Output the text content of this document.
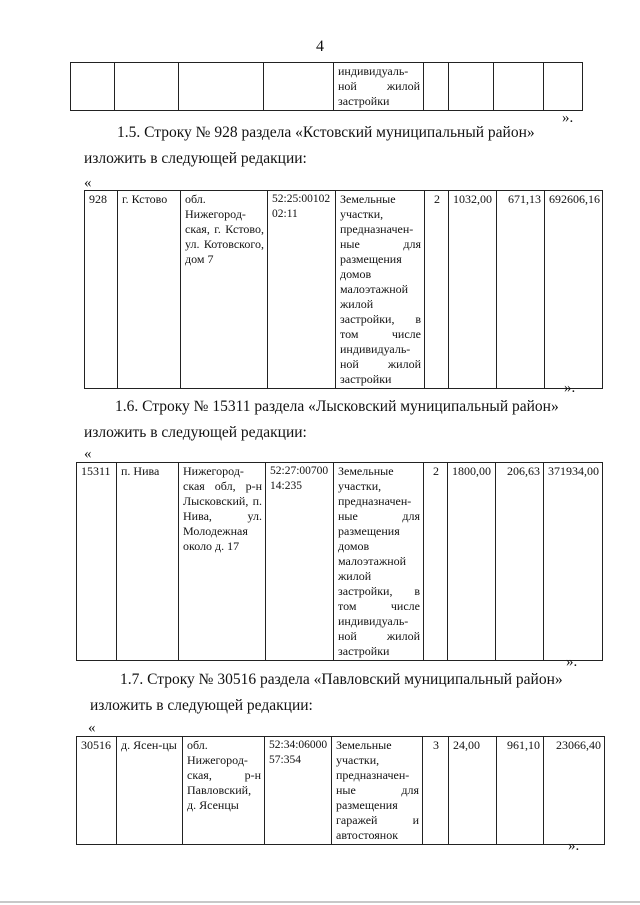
4
				индивидуаль-ной жилой застройки				
».
1.5. Строку № 928 раздела «Кстовский муниципальный район»
изложить в следующей редакции:
«
928	г. Кстово	обл. Нижегород-ская, г. Кстово, ул. Котовского, дом 7	52:25:0010202:11	Земельные участки, предназначен-ные для размещения домов малоэтажной жилой застройки, в том числе индивидуаль-ной жилой застройки	2	1032,00	671,13	692606,16
».
1.6. Строку № 15311 раздела «Лысковский муниципальный район»
изложить в следующей редакции:
«
15311	п. Нива	Нижегород-ская обл, р-н Лысковский, п. Нива, ул. Молодежная около д. 17	52:27:0070014:235	Земельные участки, предназначен-ные для размещения домов малоэтажной жилой застройки, в том числе индивидуаль-ной жилой застройки	2	1800,00	206,63	371934,00
».
1.7. Строку № 30516 раздела «Павловский муниципальный район»
изложить в следующей редакции:
«
30516	д. Ясен-цы	обл. Нижегород-ская, р-н Павловский, д. Ясенцы	52:34:0600057:354	Земельные участки, предназначен-ные для размещения гаражей и автостоянок	3	24,00	961,10	23066,40
».
